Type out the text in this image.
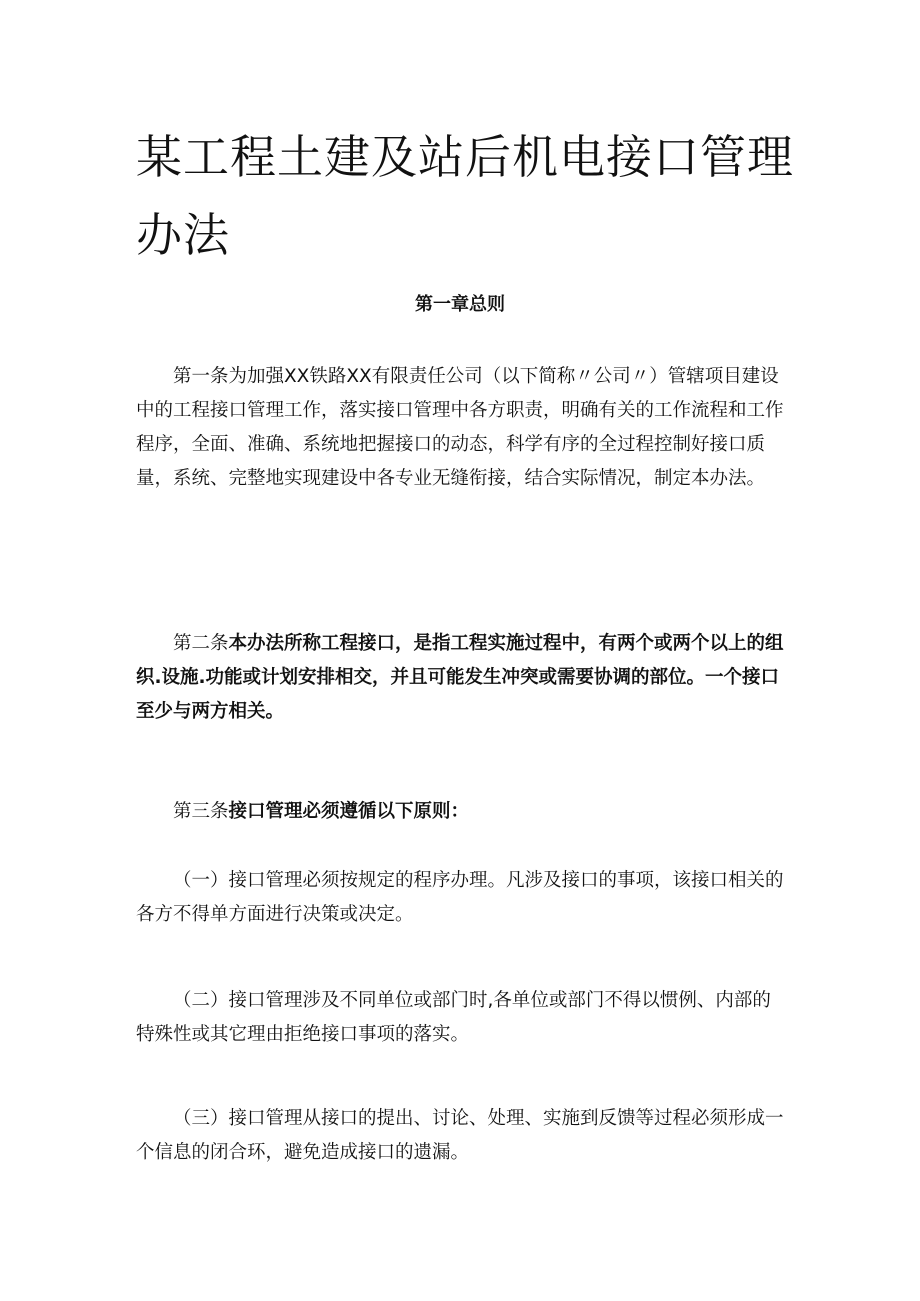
某工程土建及站后机电接口管理办法
第一章总则

第一条为加强XX铁路XX有限责任公司（以下简称〃公司〃）管辖项目建设中的工程接口管理工作，落实接口管理中各方职责，明确有关的工作流程和工作程序，全面、准确、系统地把握接口的动态，科学有序的全过程控制好接口质量，系统、完整地实现建设中各专业无缝衔接，结合实际情况，制定本办法。

第二条本办法所称工程接口，是指工程实施过程中，有两个或两个以上的组织.设施.功能或计划安排相交，并且可能发生冲突或需要协调的部位。一个接口至少与两方相关。

第三条接口管理必须遵循以下原则：

（一）接口管理必须按规定的程序办理。凡涉及接口的事项，该接口相关的各方不得单方面进行决策或决定。

（二）接口管理涉及不同单位或部门时,各单位或部门不得以惯例、内部的特殊性或其它理由拒绝接口事项的落实。

（三）接口管理从接口的提出、讨论、处理、实施到反馈等过程必须形成一个信息的闭合环，避免造成接口的遗漏。
